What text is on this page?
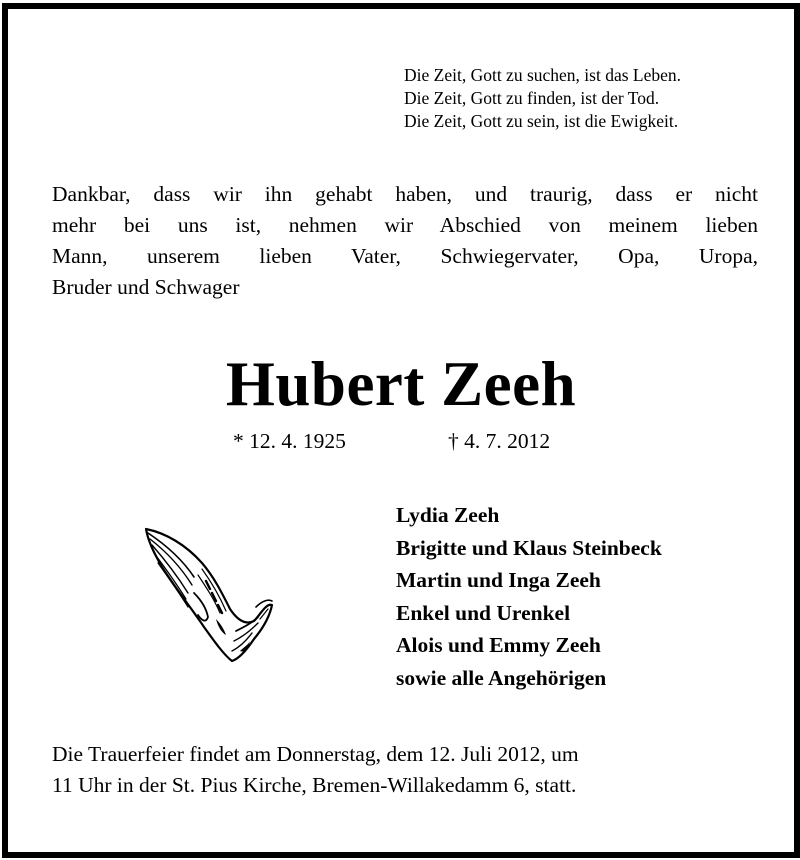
Die Zeit, Gott zu suchen, ist das Leben.
Die Zeit, Gott zu finden, ist der Tod.
Die Zeit, Gott zu sein, ist die Ewigkeit.
Dankbar, dass wir ihn gehabt haben, und traurig, dass er nicht
mehr bei uns ist, nehmen wir Abschied von meinem lieben
Mann, unserem lieben Vater, Schwiegervater, Opa, Uropa,
Bruder und Schwager
Hubert Zeeh
* 12. 4. 1925	† 4. 7. 2012
Lydia Zeeh
Brigitte und Klaus Steinbeck
Martin und Inga Zeeh
Enkel und Urenkel
Alois und Emmy Zeeh
sowie alle Angehörigen
Die Trauerfeier findet am Donnerstag, dem 12. Juli 2012, um
11 Uhr in der St. Pius Kirche, Bremen-Willakedamm 6, statt.
